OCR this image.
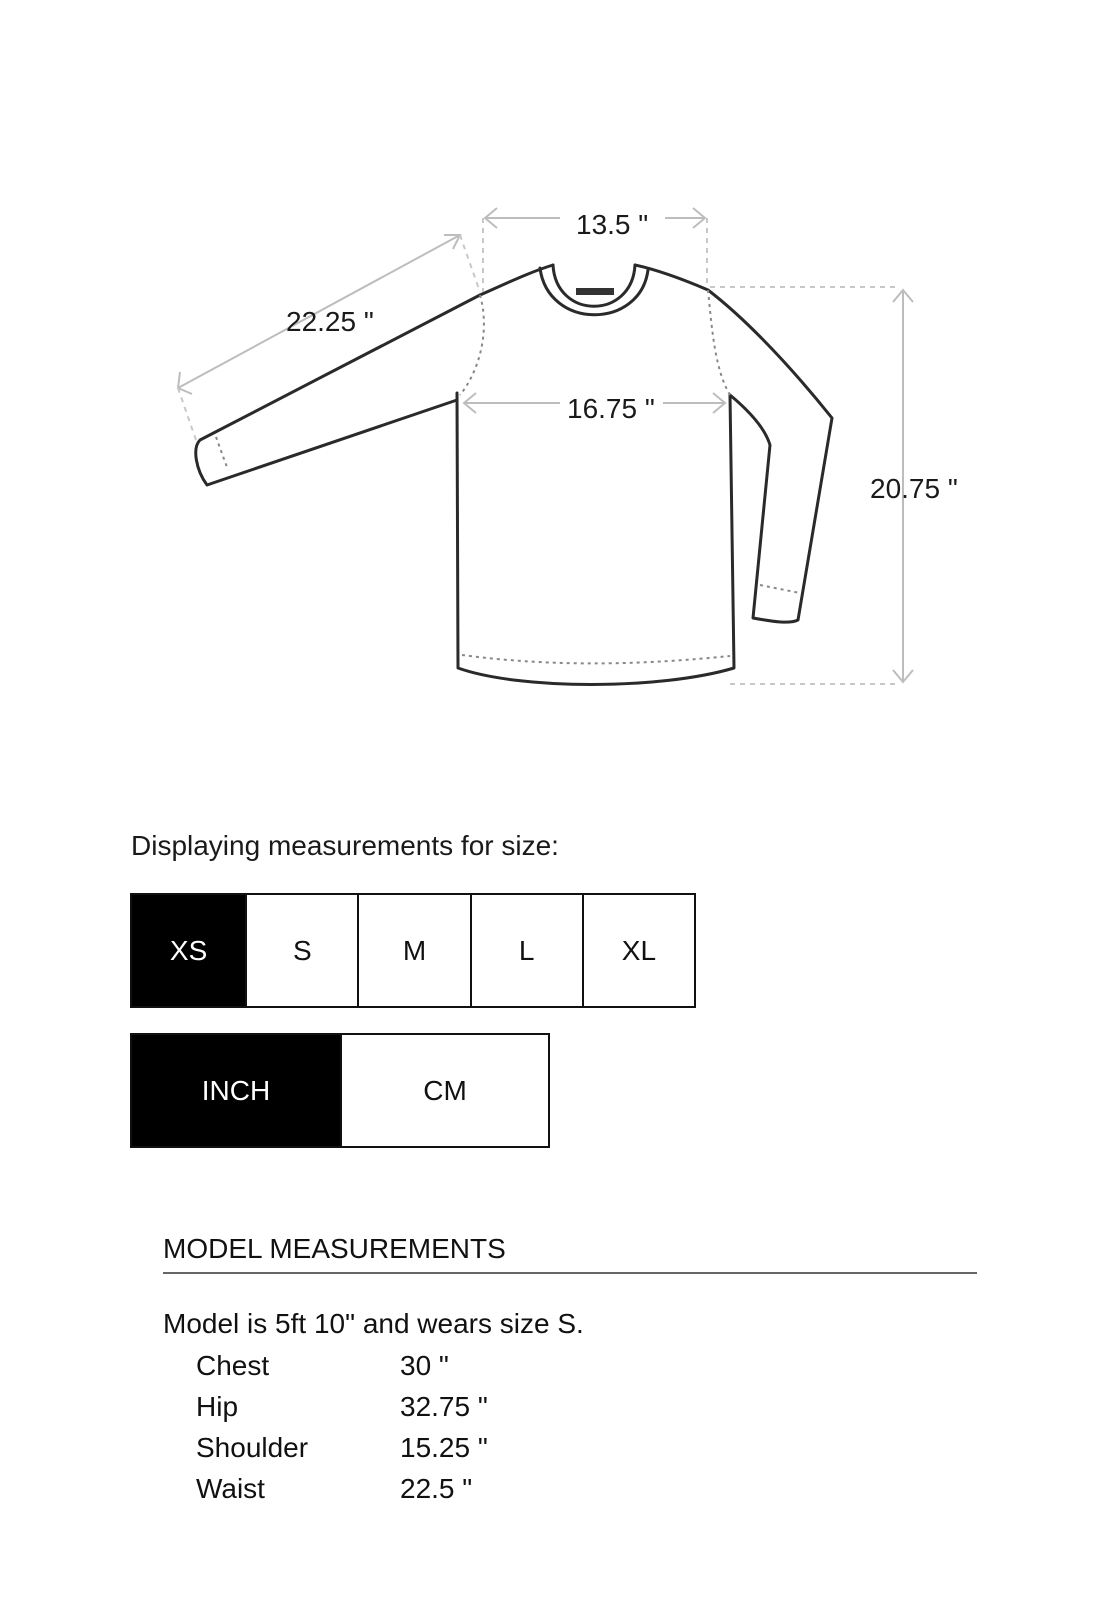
13.5 "
22.25 "
16.75 "
20.75 "
Displaying measurements for size:
XS	S	M	L	XL
INCH	CM
MODEL MEASUREMENTS
Model is 5ft 10" and wears size S.
Chest	30 "
Hip	32.75 "
Shoulder	15.25 "
Waist	22.5 "
